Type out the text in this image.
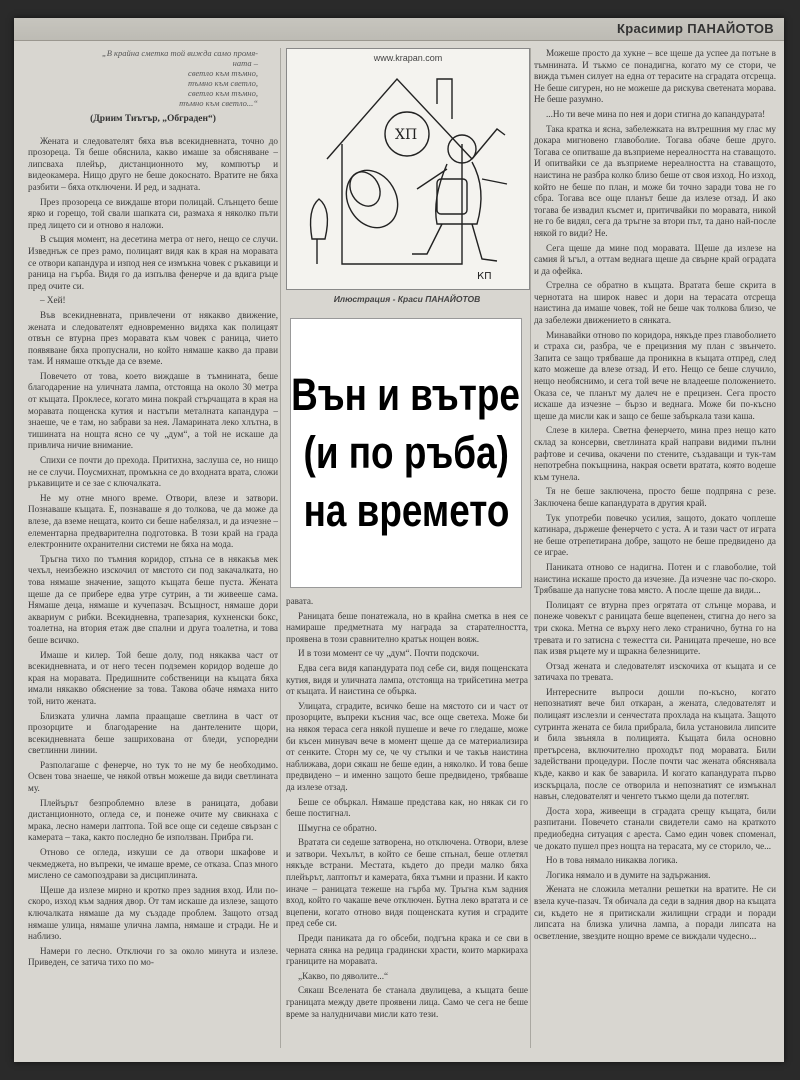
Красимир ПАНАЙОТОВ
„В крайна сметка той вижда само промя-
ната –
светло към тъмно,
тъмно към светло,
светло към тъмно,
тъмно към светло...“
(Дриим Тиътър, „Обграден“)

Жената и следователят бяха във всекидневната, точно до прозореца. Тя беше обяснила, какво имаше за обясняване – липсваха плейър, дистанционното му, компютър и видеокамера. Нищо друго не беше докоснато. Вратите не бяха разбити – бяха отключени. И ред, и задната.

През прозореца се виждаше втори полицай. Слънцето беше ярко и горещо, той свали шапката си, размаха я няколко пъти пред лицето си и отново я наложи.

В същия момент, на десетина метра от него, нещо се случи. Изведнъж се през рамо, полицаят видя как в края на моравата се отвори капандура и изпод нея се измъкна човек с ръкавици и раница на гърба. Видя го да изпълва фенерче и да вдига ръце пред очите си.

– Хей!

Във всекидневната, привлечени от някакво движение, жената и следователят едновременно видяха как полицаят отвън се втурна през моравата към човек с раница, чието появяване бяха пропуснали, но който нямаше какво да прави там. И нямаше откъде да се вземе.

Повечето от това, което виждаше в тъмнината, беше благодарение на уличната лампа, отстояща на около 30 метра от къщата. Проклесе, когато мина покрай стърчащата в края на моравата пощенска кутия и настъпи металната капандура – знаеше, че е там, но забрави за нея. Ламарината леко хлътна, в тишината на нощта ясно се чу „дум“, а той не искаше да привлича ничие внимание.

Спихи се почти до прехода. Притихна, заслуша се, но нищо не се случи. Поусмихнат, промъкна се до входната врата, сложи ръкавиците и се зае с ключалката.

Не му отне много време. Отвори, влезе и затвори. Познаваше къщата. Е, познаваше я до толкова, че да може да влезе, да вземе нещата, които си беше набелязал, и да изчезне – елементарна предварителна подготовка. В този край на града електронните охранителни системи не бяха на мода.

Тръгна тихо по тъмния коридор, спъна се в някакъв мек чехъл, неизбежно изскочил от мястото си под закачалката, но това нямаше значение, защото къщата беше пуста. Жената щеше да се прибере едва утре сутрин, а ти живееше сама. Нямаше деца, нямаше и кучепазач. Всъщност, нямаше дори аквариум с рибки. Всекидневна, трапезария, кухненски бокс, тоалетна, на втория етаж две спални и друга тоалетна, и това беше всичко.

Имаше и килер. Той беше долу, под някаква част от всекидневната, и от него тесен подземен коридор водеше до края на моравата. Предишните собственици на къщата бяха имали някакво обяснение за това. Такова обаче нямаха нито той, нито жената.

Близката улична лампа праащаше светлина в част от прозорците и благодарение на дантелените щори, всекидневната беше зашрихована от бледи, успоредни светлинни линии.

Разполагаше с фенерче, но тук то не му бе необходимо. Освен това знаеше, че някой отвън можеше да види светлината му.

Плейърът безпроблемно влезе в раницата, добави дистанционното, огледа се, и понеже очите му свикнаха с мрака, лесно намери лаптопа. Той все още си седеше свързан с камерата – така, както последно бе използван. Прибра ги.

Отново се огледа, изкуши се да отвори шкафове и чекмеджета, но въпреки, че имаше време, се отказа. Спаз много мислено се самопоздрави за дисциплината.

Щеше да излезе мирно и кротко през задния вход. Или по-скоро, изход към задния двор. От там искаше да излезе, защото ключалката нямаше да му създаде проблем. Защото отзад нямаше улица, нямаше улична лампа, нямаше и стради. Не и наблизо.

Намери го лесно. Отключи го за около минута и излезе. Приведен, се затича тихо по мо-

www.krapan.com
ХП
КП
Илюстрация - Краси ПАНАЙОТОВ
Вън и вътре
(и по ръба)
на времето

равата.

Раницата беше понатежала, но в крайна сметка в нея се намираше предметната му награда за старателността, проявена в този сравнително кратък нощен вояж.

И в този момент се чу „дум“. Почти подскочи.

Едва сега видя капандурата под себе си, видя пощенската кутия, видя и уличната лампа, отстояща на трийсетина метра от къщата. И наистина се обърка.

Улицата, сградите, всичко беше на мястото си и част от прозорците, въпреки късния час, все още светеха. Може би на някоя тераса сега някой пушеше и вече го гледаше, може би късен минувач вече в момент щеше да се материализира от сенките. Сторн му се, че чу стъпки и че такъв наистина наближава, дори сякаш не беше един, а няколко. И това беше предвидено – и именно защото беше предвидено, трябваше да излезе отзад.

Беше се объркал. Нямаше представа как, но някак си го беше постигнал.

Шмугна се обратно.

Вратата си седеше затворена, но отключена. Отвори, влезе и затвори. Чехълът, в който се беше спънал, беше отлетял някъде встрани. Местата, където до преди малко бяха плейърът, лаптопът и камерата, бяха тъмни и празни. И както иначе – раницата тежеше на гърба му. Тръгна към задния вход, който го чакаше вече отключен. Бутна леко вратата и се вцепени, когато отново видя пощенската кутия и сградите пред себе си.

Преди паниката да го обсеби, подгъна крака и се сви в черната сянка на редица градински храсти, които маркираха границите на моравата.

„Какво, по дяволите...“

Сякаш Вселената бе станала двулицева, а къщата беше границата между двете проявени лица. Само че сега не беше време за налудничави мисли като тези.

Можеше просто да хукне – все щеше да успее да потъне в тъмнината. И тъкмо се понадигна, когато му се стори, че вижда тъмен силует на една от терасите на сградата отсреща. Не беше сигурен, но не можеше да рискува светената морава. Не беше разумно.

...Но ти вече мина по нея и дори стигна до капандурата!

Така кратка и ясна, забележката на вътрешния му глас му докара мигновено главоболие. Тогава обаче беше друго. Тогава се опитваше да възприеме нереалността на ставащото. И опитвайки се да възприеме нереалността на ставащото, наистина не разбра колко близо беше от своя изход. Но изход, който не беше по план, и може би точно заради това не го сбра. Тогава все още планът беше да излезе отзад. И ако тогава бе извадил късмет и, притичвайки по моравата, никой не го бе видял, сега да тръгне за втори път, та дано най-после някой го види? Не.

Сега щеше да мине под моравата. Щеше да излезе на самия й ъгъл, а оттам веднага щеше да свърне край оградата и да офейка.

Стрелна се обратно в къщата. Вратата беше скрита в чернотата на широк навес и дори на терасата отсреща наистина да имаше човек, той не беше чак толкова близо, че да забележи движението в сянката.

Минавайки отново по коридора, някъде през главоболието и страха си, разбра, че е прецизния му план с звънчето. Запита се защо трябваше да проникна в къщата отпред, след като можеше да влезе отзад. И ето. Нещо се беше случило, нещо необяснимо, и сега той вече не владееше положението. Оказа се, че планът му далеч не е прецизен. Сега просто искаше да изчезне – бързо и веднага. Може би по-късно щеше да мисли как и защо се беше забъркала тази каша.

Слезе в килера. Светна фенерчето, мина през нещо като склад за консерви, светлината край направи видими пълни рафтове и сечива, окачени по стените, създаващи и тук-там непотребна покъщнина, накрая освети вратата, която водеше към тунела.

Тя не беше заключена, просто беше подпряна с резе. Заключена беше капандурата в другия край.

Тук употреби повечко усилия, защото, докато чоплеше катинара, държеше фенерчето с уста. А и тази част от играта не беше отрепетирана добре, защото не беше предвидено да се играе.

Паниката отново се надигна. Потен и с главоболие, той наистина искаше просто да изчезне. Да изчезне час по-скоро. Трябваше да напусне това място. А после щеше да види...

Полицаят се втурна през огрятата от слънце морава, и понеже човекът с раницата беше вцепенен, стигна до него за три скока. Метна се върху него леко странично, бутна го на тревата и го затисна с тежестта си. Раницата пречеше, но все пак извя ръцете му и щракна белезниците.

Отзад жената и следователят изскочиха от къщата и се затичаха по тревата.

Интересните въпроси дошли по-късно, когато непознатият вече бил откаран, а жената, следователят и полицаят изслезли и сенчестата прохлада на къщата. Защото сутринта жената се била прибрала, била установила липсите и била звъняла в полицията. Къщата била основно претърсена, включително проходът под моравата. Били задействани процедури. После почти час жената обяснявала къде, какво и как бе заварила. И когато капандурата първо изскърцала, после се отворила и непознатият се измъкнал навън, следователят и ченгето тъкмо щели да потеглят.

Доста хора, живеещи в сградата срещу къщата, били разпитани. Повечето станали свидетели само на краткото предиобедна ситуация с ареста. Само един човек споменал, че докато пушел през нощта на терасата, му се сторило, че...

Но в това нямало никаква логика.

Логика нямало и в думите на задържания.

Жената не сложила метални решетки на вратите. Не си взела куче-пазач. Тя обичала да седи в задния двор на къщата си, където не я притискали жилищни сгради и поради липсата на близка улична лампа, а поради липсата на осветление, звездите нощно време се виждали чудесно...
